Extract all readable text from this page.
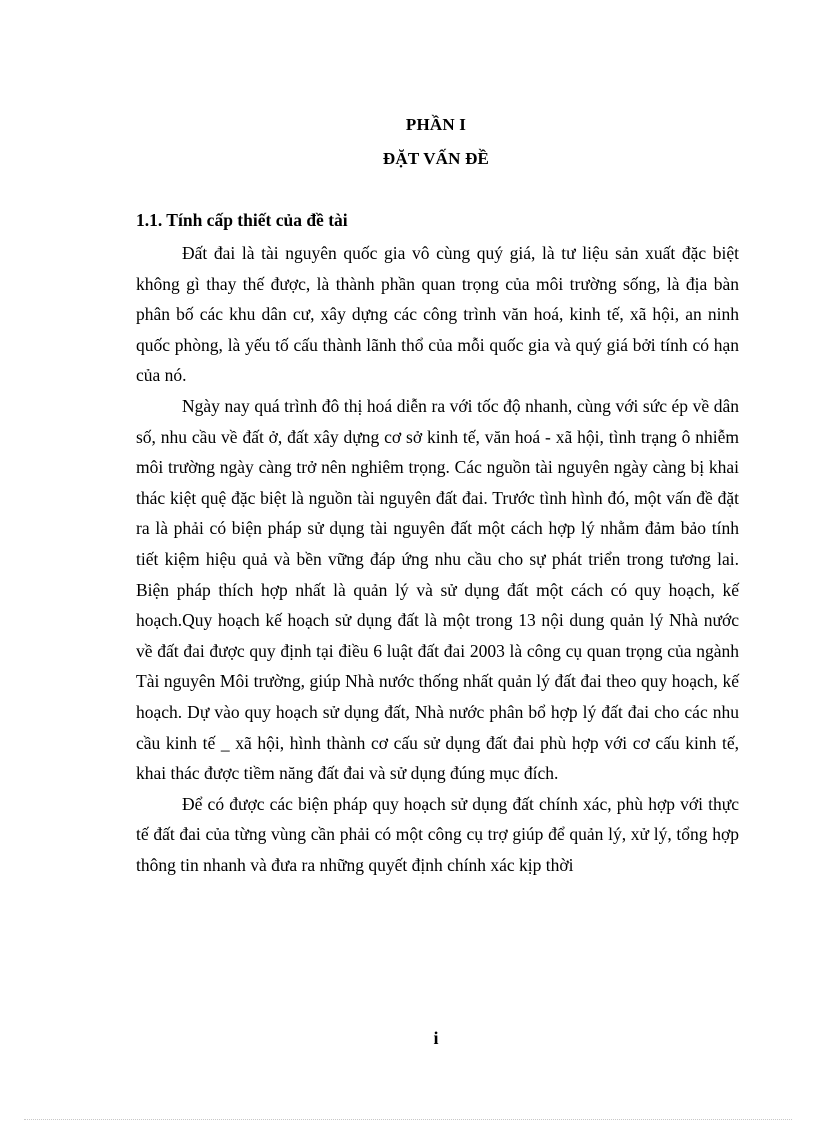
PHẦN I
ĐẶT VẤN ĐỀ
1.1. Tính cấp thiết của đề tài

Đất đai là tài nguyên quốc gia vô cùng quý giá, là tư liệu sản xuất đặc biệt không gì thay thế được, là thành phần quan trọng của môi trường sống, là địa bàn phân bố các khu dân cư, xây dựng các công trình văn hoá, kinh tế, xã hội, an ninh quốc phòng, là yếu tố cấu thành lãnh thổ của mỗi quốc gia và quý giá bởi tính có hạn của nó.

Ngày nay quá trình đô thị hoá diễn ra với tốc độ nhanh, cùng với sức ép về dân số, nhu cầu về đất ở, đất xây dựng cơ sở kinh tế, văn hoá - xã hội, tình trạng ô nhiễm môi trường ngày càng trở nên nghiêm trọng. Các nguồn tài nguyên ngày càng bị khai thác kiệt quệ đặc biệt là nguồn tài nguyên đất đai. Trước tình hình đó, một vấn đề đặt ra là phải có biện pháp sử dụng tài nguyên đất một cách hợp lý nhằm đảm bảo tính tiết kiệm hiệu quả và bền vững đáp ứng nhu cầu cho sự phát triển trong tương lai. Biện pháp thích hợp nhất là quản lý và sử dụng đất một cách có quy hoạch, kế hoạch.Quy hoạch kế hoạch sử dụng đất là một trong 13 nội dung quản lý Nhà nước về đất đai được quy định tại điều 6 luật đất đai 2003 là công cụ quan trọng của ngành Tài nguyên Môi trường, giúp Nhà nước thống nhất quản lý đất đai theo quy hoạch, kế hoạch. Dự vào quy hoạch sử dụng đất, Nhà nước phân bổ hợp lý đất đai cho các nhu cầu kinh tế _ xã hội, hình thành cơ cấu sử dụng đất đai phù hợp với cơ cấu kinh tế, khai thác được tiềm năng đất đai và sử dụng đúng mục đích.

Để có được các biện pháp quy hoạch sử dụng đất chính xác, phù hợp với thực tế đất đai của từng vùng cần phải có một công cụ trợ giúp để quản lý, xử lý, tổng hợp thông tin nhanh và đưa ra những quyết định chính xác kịp thời

i
